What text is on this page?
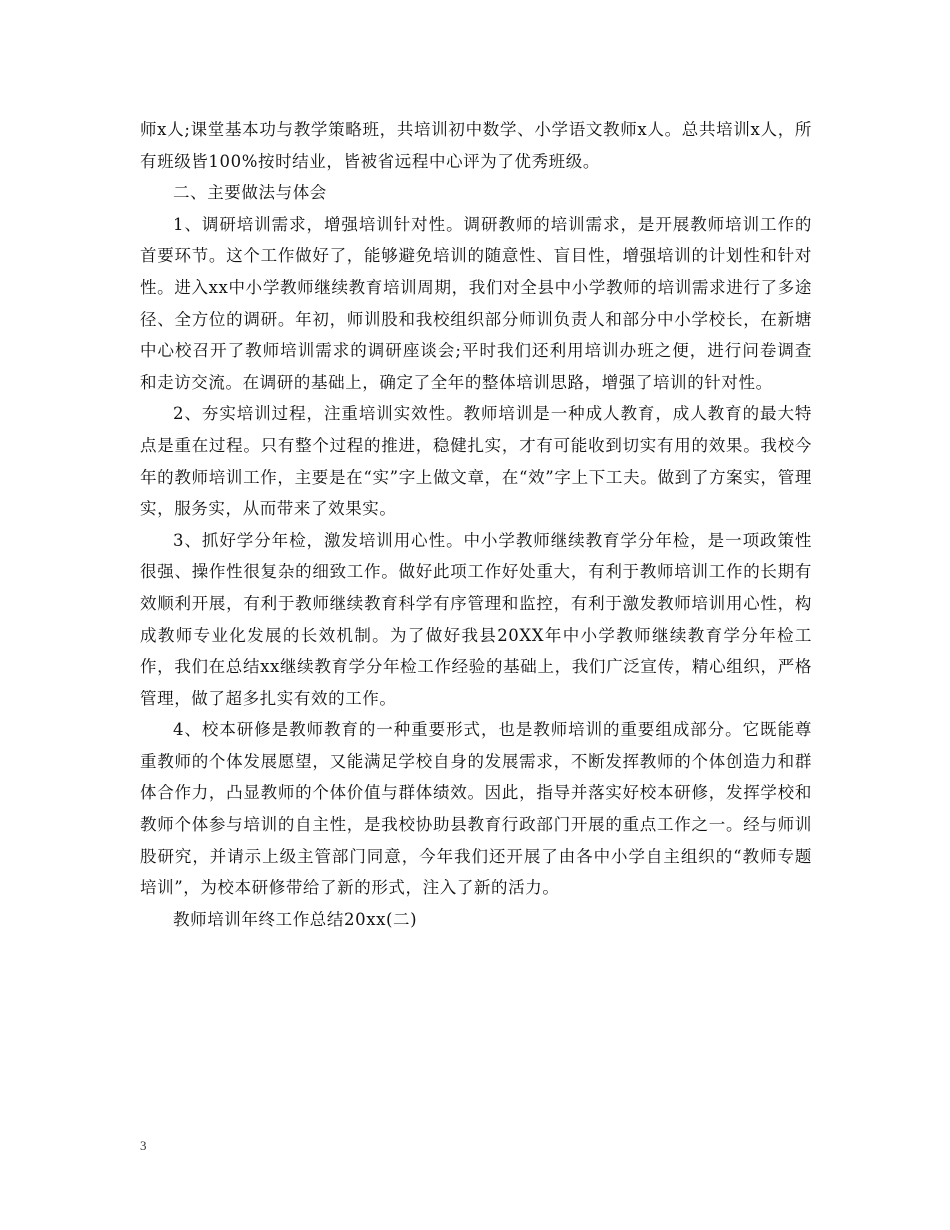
师x人;课堂基本功与教学策略班，共培训初中数学、小学语文教师x人。总共培训x人，所有班级皆100%按时结业，皆被省远程中心评为了优秀班级。

二、主要做法与体会

1、调研培训需求，增强培训针对性。调研教师的培训需求，是开展教师培训工作的首要环节。这个工作做好了，能够避免培训的随意性、盲目性，增强培训的计划性和针对性。进入xx中小学教师继续教育培训周期，我们对全县中小学教师的培训需求进行了多途径、全方位的调研。年初，师训股和我校组织部分师训负责人和部分中小学校长，在新塘中心校召开了教师培训需求的调研座谈会;平时我们还利用培训办班之便，进行问卷调查和走访交流。在调研的基础上，确定了全年的整体培训思路，增强了培训的针对性。

2、夯实培训过程，注重培训实效性。教师培训是一种成人教育，成人教育的最大特点是重在过程。只有整个过程的推进，稳健扎实，才有可能收到切实有用的效果。我校今年的教师培训工作，主要是在“实”字上做文章，在“效”字上下工夫。做到了方案实，管理实，服务实，从而带来了效果实。

3、抓好学分年检，激发培训用心性。中小学教师继续教育学分年检，是一项政策性很强、操作性很复杂的细致工作。做好此项工作好处重大，有利于教师培训工作的长期有效顺利开展，有利于教师继续教育科学有序管理和监控，有利于激发教师培训用心性，构成教师专业化发展的长效机制。为了做好我县20XX年中小学教师继续教育学分年检工作，我们在总结xx继续教育学分年检工作经验的基础上，我们广泛宣传，精心组织，严格管理，做了超多扎实有效的工作。

4、校本研修是教师教育的一种重要形式，也是教师培训的重要组成部分。它既能尊重教师的个体发展愿望，又能满足学校自身的发展需求，不断发挥教师的个体创造力和群体合作力，凸显教师的个体价值与群体绩效。因此，指导并落实好校本研修，发挥学校和教师个体参与培训的自主性，是我校协助县教育行政部门开展的重点工作之一。经与师训股研究，并请示上级主管部门同意，今年我们还开展了由各中小学自主组织的“教师专题培训”，为校本研修带给了新的形式，注入了新的活力。

教师培训年终工作总结20xx(二)

3
